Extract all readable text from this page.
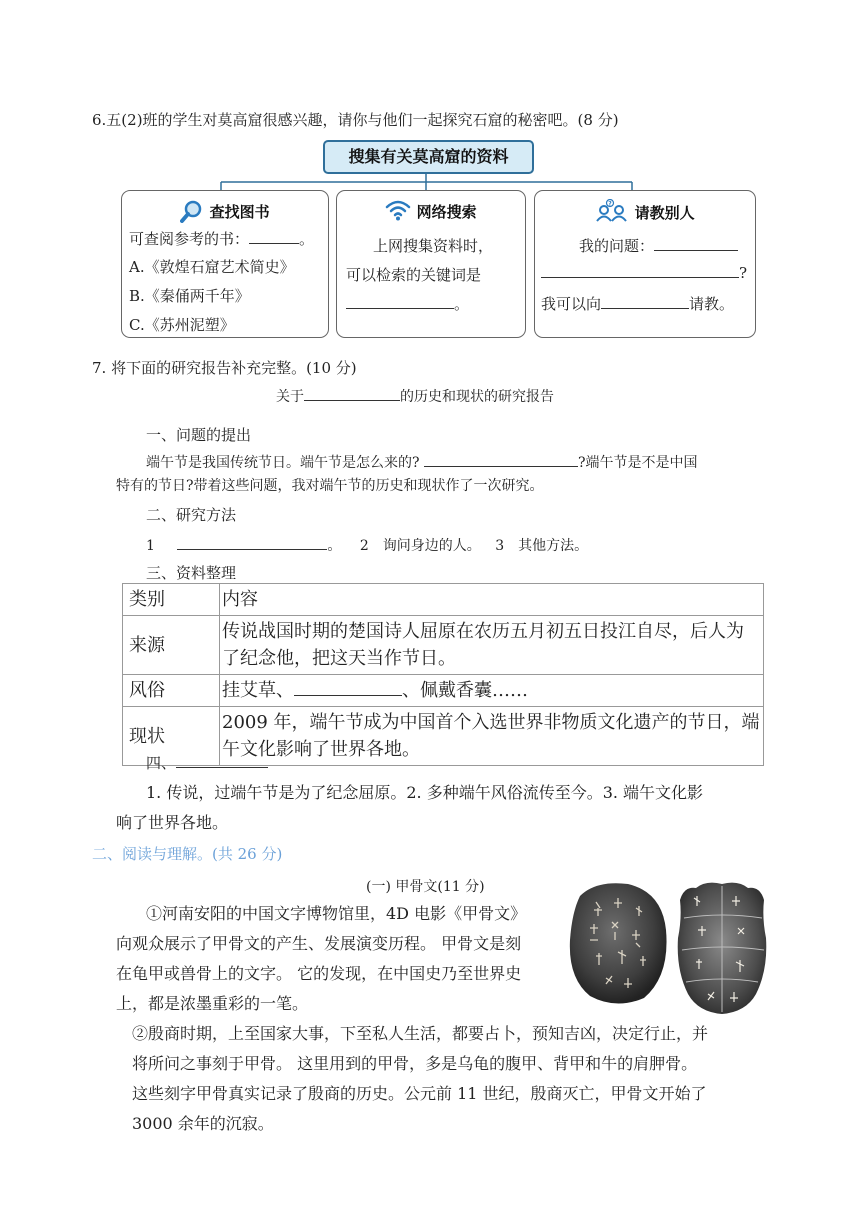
6.五(2)班的学生对莫高窟很感兴趣，请你与他们一起探究石窟的秘密吧。(8 分)
搜集有关莫高窟的资料
查找图书
可查阅参考的书：	。
A.《敦煌石窟艺术简史》
B.《秦俑两千年》
C.《苏州泥塑》
网络搜索
上网搜集资料时，
可以检索的关键词是
。
? 请教别人
我的问题：
?
我可以向	请教。
7. 将下面的研究报告补充完整。(10 分)
关于	的历史和现状的研究报告
一、问题的提出
端午节是我国传统节日。端午节是怎么来的?	?端午节是不是中国
特有的节日?带着这些问题，我对端午节的历史和现状作了一次研究。
二、研究方法
1	。 2　询问身边的人。 3　其他方法。
三、资料整理
类别	内容
来源	传说战国时期的楚国诗人屈原在农历五月初五日投江自尽，后人为了纪念他，把这天当作节日。
风俗	挂艾草、 、佩戴香囊……
现状	2009 年，端午节成为中国首个入选世界非物质文化遗产的节日，端午文化影响了世界各地。
四、
1. 传说，过端午节是为了纪念屈原。2. 多种端午风俗流传至今。3. 端午文化影
响了世界各地。
二、阅读与理解。(共 26 分)
(一) 甲骨文(11 分)
①河南安阳的中国文字博物馆里，4D 电影《甲骨文》
向观众展示了甲骨文的产生、发展演变历程。 甲骨文是刻
在龟甲或兽骨上的文字。 它的发现，在中国史乃至世界史
上，都是浓墨重彩的一笔。
②殷商时期，上至国家大事，下至私人生活，都要占卜，预知吉凶，决定行止，并
将所问之事刻于甲骨。 这里用到的甲骨，多是乌龟的腹甲、背甲和牛的肩胛骨。
这些刻字甲骨真实记录了殷商的历史。公元前 11 世纪，殷商灭亡，甲骨文开始了
3000 余年的沉寂。
